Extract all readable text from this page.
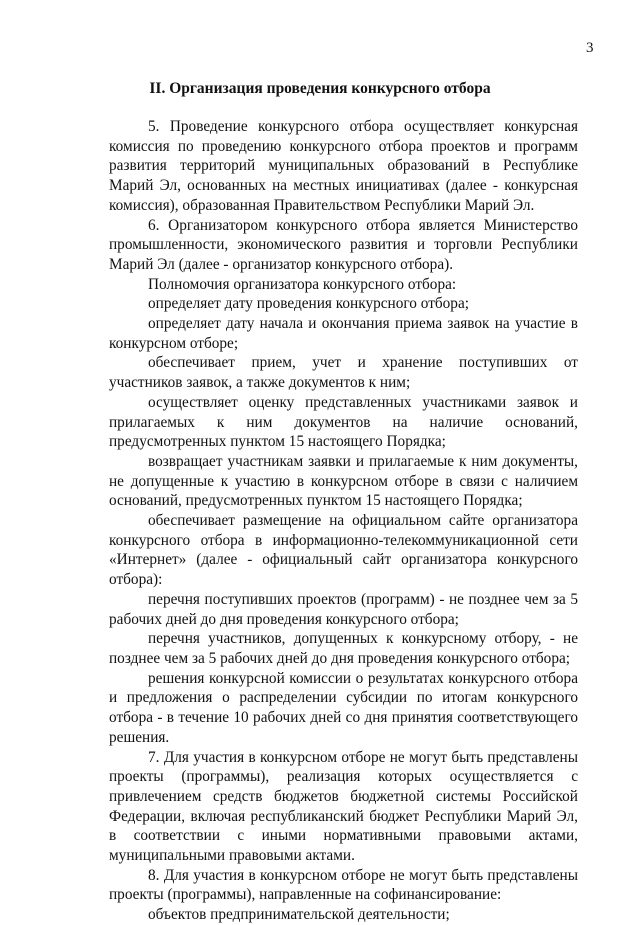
3
II. Организация проведения конкурсного отбора

5. Проведение конкурсного отбора осуществляет конкурсная комиссия по проведению конкурсного отбора проектов и программ развития территорий муниципальных образований в Республике Марий Эл, основанных на местных инициативах (далее - конкурсная комиссия), образованная Правительством Республики Марий Эл.

6. Организатором конкурсного отбора является Министерство промышленности, экономического развития и торговли Республики Марий Эл (далее - организатор конкурсного отбора).

Полномочия организатора конкурсного отбора:

определяет дату проведения конкурсного отбора;

определяет дату начала и окончания приема заявок на участие в конкурсном отборе;

обеспечивает прием, учет и хранение поступивших от участников заявок, а также документов к ним;

осуществляет оценку представленных участниками заявок и прилагаемых к ним документов на наличие оснований, предусмотренных пунктом 15 настоящего Порядка;

возвращает участникам заявки и прилагаемые к ним документы, не допущенные к участию в конкурсном отборе в связи с наличием оснований, предусмотренных пунктом 15 настоящего Порядка;

обеспечивает размещение на официальном сайте организатора конкурсного отбора в информационно-телекоммуникационной сети «Интернет» (далее - официальный сайт организатора конкурсного отбора):

перечня поступивших проектов (программ) - не позднее чем за 5 рабочих дней до дня проведения конкурсного отбора;

перечня участников, допущенных к конкурсному отбору, - не позднее чем за 5 рабочих дней до дня проведения конкурсного отбора;

решения конкурсной комиссии о результатах конкурсного отбора и предложения о распределении субсидии по итогам конкурсного отбора - в течение 10 рабочих дней со дня принятия соответствующего решения.

7. Для участия в конкурсном отборе не могут быть представлены проекты (программы), реализация которых осуществляется с привлечением средств бюджетов бюджетной системы Российской Федерации, включая республиканский бюджет Республики Марий Эл, в соответствии с иными нормативными правовыми актами, муниципальными правовыми актами.

8. Для участия в конкурсном отборе не могут быть представлены проекты (программы), направленные на софинансирование:

объектов предпринимательской деятельности;
